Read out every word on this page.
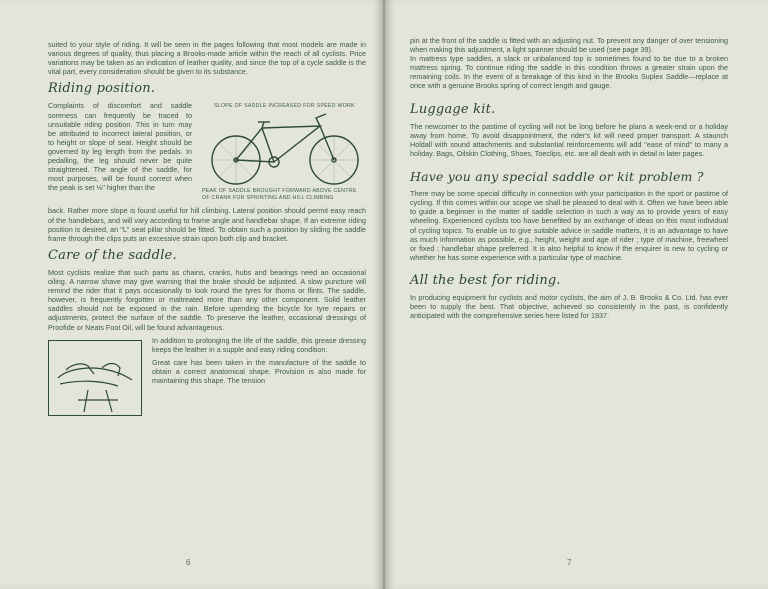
suited to your style of riding. It will be seen in the pages following that most models are made in various degrees of quality, thus placing a Brooks-made article within the reach of all cyclists. Price variations may be taken as an indication of leather quality, and since the top of a cycle saddle is the vital part, every consideration should be given to its substance.

Riding position.
SLOPE OF SADDLE INCREASED FOR SPEED WORK
PEAK OF SADDLE BROUGHT FORWARD ABOVE CENTRE OF CRANK FOR SPRINTING AND HILL CLIMBING

Complaints of discomfort and saddle soreness can frequently be traced to unsuitable riding position. This in turn may be attributed to incorrect lateral position, or to height or slope of seat. Height should be governed by leg length from the pedals. In pedalling, the leg should never be quite straightened. The angle of the saddle, for most purposes, will be found correct when the peak is set ⅛" higher than the

back. Rather more slope is found useful for hill climbing. Lateral position should permit easy reach of the handlebars, and will vary according to frame angle and handlebar shape. If an extreme riding position is desired, an "L" seat pillar should be fitted. To obtain such a position by sliding the saddle frame through the clips puts an excessive strain upon both clip and bracket.

Care of the saddle.

Most cyclists realize that such parts as chains, cranks, hubs and bearings need an occasional oiling. A narrow shave may give warning that the brake should be adjusted. A slow puncture will remind the rider that it pays occasionally to look round the tyres for thorns or flints. The saddle, however, is frequently forgotten or maltreated more than any other component. Solid leather saddles should not be exposed in the rain. Before upending the bicycle for tyre repairs or adjustments, protect the surface of the saddle. To preserve the leather, occasional dressings of Proofide or Neats Foot Oil, will be found advantageous.

In addition to prolonging the life of the saddle, this grease dressing keeps the leather in a supple and easy riding condition.

Great care has been taken in the manufacture of the saddle to obtain a correct anatomical shape. Provision is also made for maintaining this shape. The tension

6

pin at the front of the saddle is fitted with an adjusting nut. To prevent any danger of over tensioning when making this adjustment, a light spanner should be used (see page 39).

In mattress type saddles, a slack or unbalanced top is sometimes found to be due to a broken mattress spring. To continue riding the saddle in this condition throws a greater strain upon the remaining coils. In the event of a breakage of this kind in the Brooks Suplex Saddle—replace at once with a genuine Brooks spring of correct length and gauge.

Luggage kit.

The newcomer to the pastime of cycling will not be long before he plans a week-end or a holiday away from home. To avoid disappointment, the rider's kit will need proper transport. A staunch Holdall with sound attachments and substantial reinforcements will add "ease of mind" to many a holiday. Bags, Oilskin Clothing, Shoes, Toeclips, etc. are all dealt with in detail in later pages.

Have you any special saddle or kit problem ?

There may be some special difficulty in connection with your participation in the sport or pastime of cycling. If this comes within our scope we shall be pleased to deal with it. Often we have been able to guide a beginner in the matter of saddle selection in such a way as to provide years of easy wheeling. Experienced cyclists too have benefited by an exchange of ideas on this most individual of cycling topics. To enable us to give suitable advice in saddle matters, it is an advantage to have as much information as possible, e.g., height, weight and age of rider ; type of machine, freewheel or fixed ; handlebar shape preferred. It is also helpful to know if the enquirer is new to cycling or whether he has some experience with a particular type of machine.

All the best for riding.

In producing equipment for cyclists and motor cyclists, the aim of J. B. Brooks & Co. Ltd. has ever been to supply the best. That objective, achieved so consistently in the past, is confidently anticipated with the comprehensive series here listed for 1937.

7
